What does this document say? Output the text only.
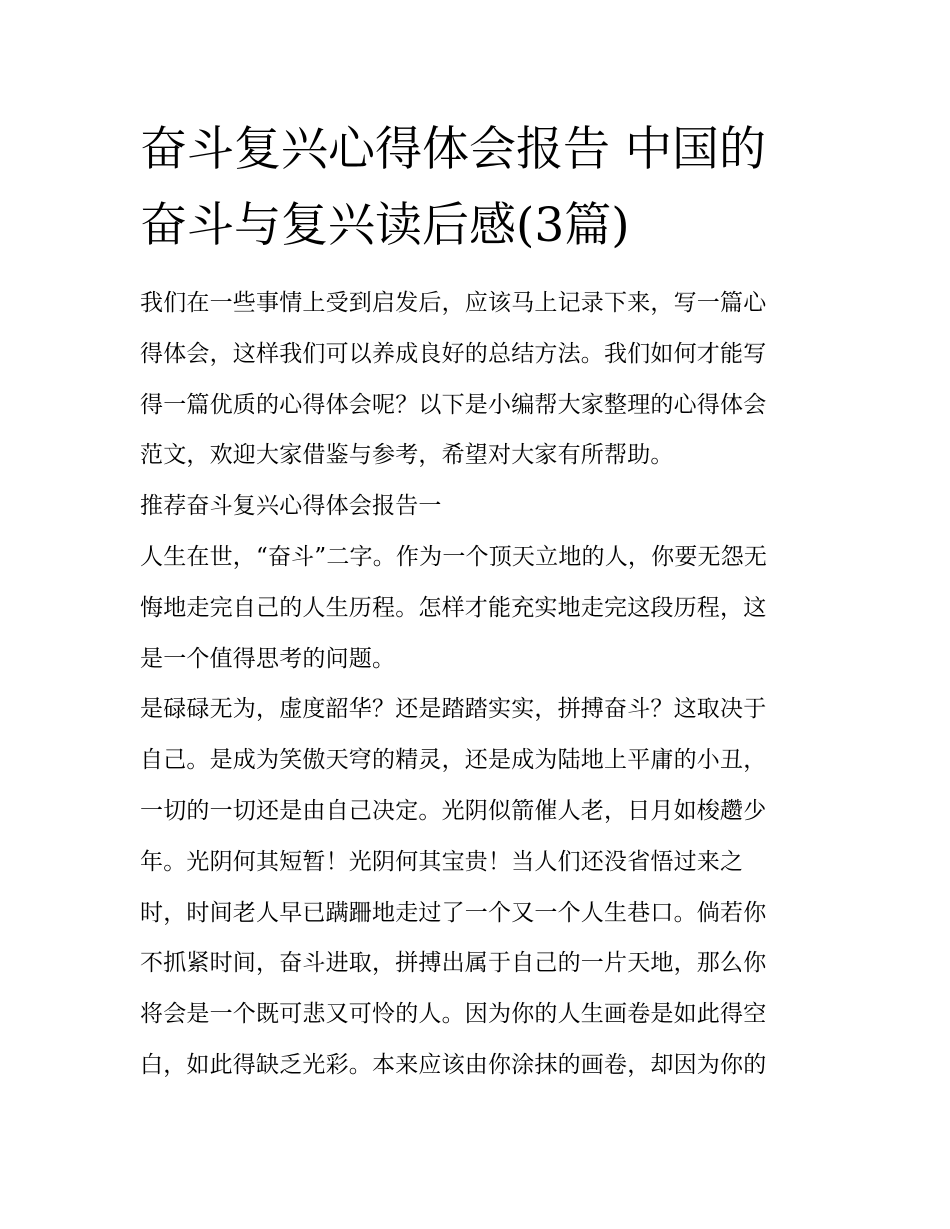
奋斗复兴心得体会报告 中国的
奋斗与复兴读后感(3篇)
我们在一些事情上受到启发后，应该马上记录下来，写一篇心
得体会，这样我们可以养成良好的总结方法。我们如何才能写
得一篇优质的心得体会呢？以下是小编帮大家整理的心得体会
范文，欢迎大家借鉴与参考，希望对大家有所帮助。
推荐奋斗复兴心得体会报告一
人生在世，“奋斗”二字。作为一个顶天立地的人，你要无怨无
悔地走完自己的人生历程。怎样才能充实地走完这段历程，这
是一个值得思考的问题。
是碌碌无为，虚度韶华？还是踏踏实实，拼搏奋斗？这取决于
自己。是成为笑傲天穹的精灵，还是成为陆地上平庸的小丑，
一切的一切还是由自己决定。光阴似箭催人老，日月如梭趱少
年。光阴何其短暂！光阴何其宝贵！当人们还没省悟过来之
时，时间老人早已蹒跚地走过了一个又一个人生巷口。倘若你
不抓紧时间，奋斗进取，拼搏出属于自己的一片天地，那么你
将会是一个既可悲又可怜的人。因为你的人生画卷是如此得空
白，如此得缺乏光彩。本来应该由你涂抹的画卷，却因为你的
